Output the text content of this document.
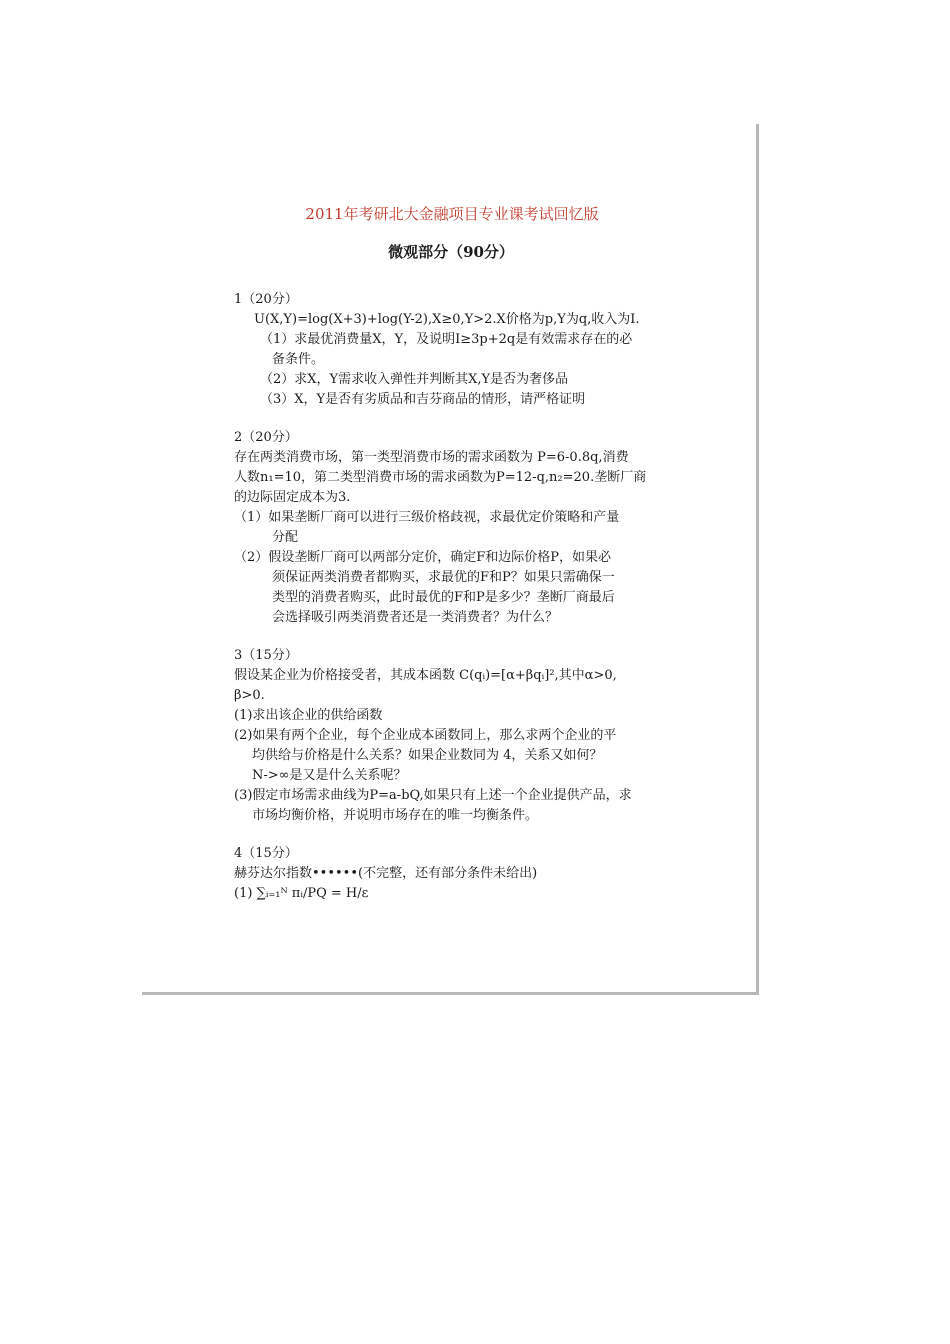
2011年考研北大金融项目专业课考试回忆版
微观部分（90分）
1（20分）
U(X,Y)=log(X+3)+log(Y-2),X≥0,Y>2.X价格为p,Y为q,收入为I.
（1）求最优消费量X，Y，及说明I≥3p+2q是有效需求存在的必
备条件。
（2）求X，Y需求收入弹性并判断其X,Y是否为奢侈品
（3）X，Y是否有劣质品和吉芬商品的情形，请严格证明
2（20分）
存在两类消费市场，第一类型消费市场的需求函数为 P=6-0.8q,消费
人数n₁=10，第二类型消费市场的需求函数为P=12-q,n₂=20.垄断厂商
的边际固定成本为3.
（1）如果垄断厂商可以进行三级价格歧视，求最优定价策略和产量
分配
（2）假设垄断厂商可以两部分定价，确定F和边际价格P，如果必
须保证两类消费者都购买，求最优的F和P？如果只需确保一
类型的消费者购买，此时最优的F和P是多少？垄断厂商最后
会选择吸引两类消费者还是一类消费者？为什么？
3（15分）
假设某企业为价格接受者，其成本函数 C(qᵢ)=[α+βqᵢ]²,其中α>0,
β>0.
(1)求出该企业的供给函数
(2)如果有两个企业，每个企业成本函数同上，那么求两个企业的平
均供给与价格是什么关系？如果企业数同为 4，关系又如何？
N->∞是又是什么关系呢？
(3)假定市场需求曲线为P=a-bQ,如果只有上述一个企业提供产品，求
市场均衡价格，并说明市场存在的唯一均衡条件。
4（15分）
赫芬达尔指数••••••(不完整，还有部分条件未给出)
(1) ∑ᵢ₌₁ᴺ πᵢ/PQ = H/ε
